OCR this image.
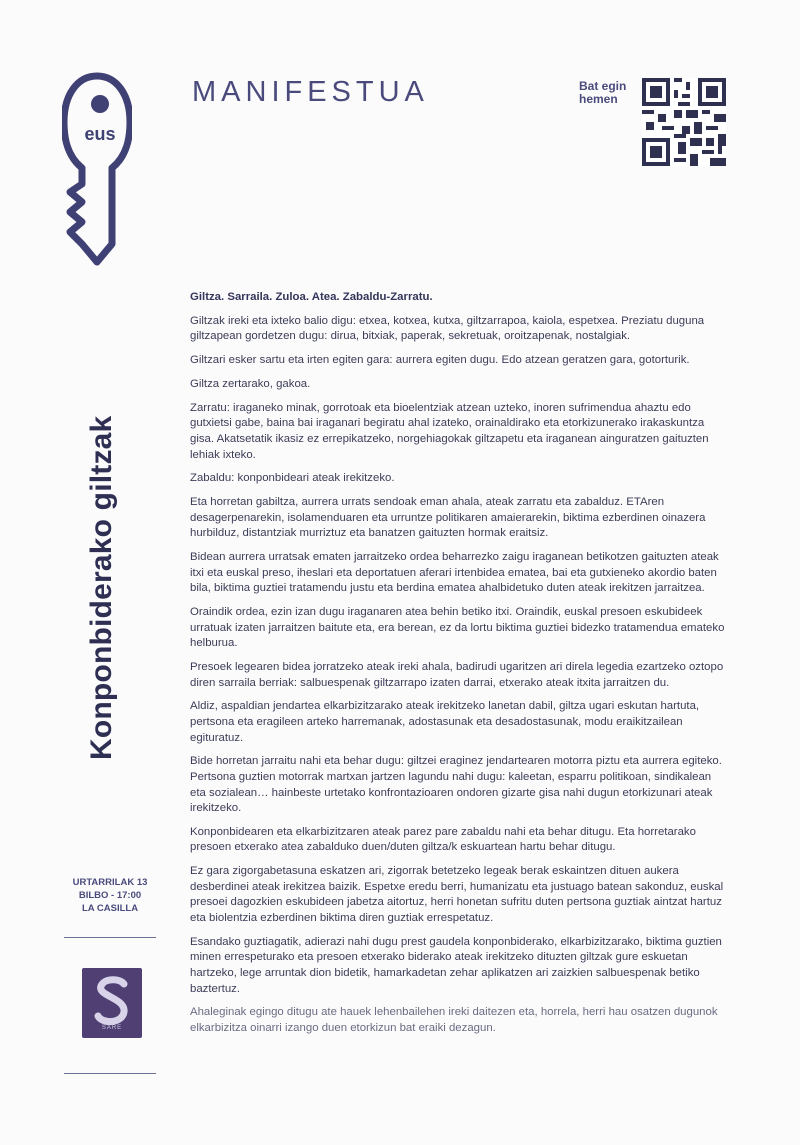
eus
MANIFESTUA	Bat egin
hemen
Konponbiderako giltzak
URTARRILAK 13
BILBO - 17:00
LA CASILLA
SARE

Giltza. Sarraila. Zuloa. Atea. Zabaldu-Zarratu.

Giltzak ireki eta ixteko balio digu: etxea, kotxea, kutxa, giltzarrapoa, kaiola, espetxea. Preziatu duguna giltzapean gordetzen dugu: dirua, bitxiak, paperak, sekretuak, oroitzapenak, nostalgiak.

Giltzari esker sartu eta irten egiten gara: aurrera egiten dugu. Edo atzean geratzen gara, gotorturik.

Giltza zertarako, gakoa.

Zarratu: iraganeko minak, gorrotoak eta bioelentziak atzean uzteko, inoren sufrimendua ahaztu edo gutxietsi gabe, baina bai iraganari begiratu ahal izateko, orainaldirako eta etorkizunerako irakaskuntza gisa. Akatsetatik ikasiz ez errepikatzeko, norgehiagokak giltzapetu eta iraganean ainguratzen gaituzten lehiak ixteko.

Zabaldu: konponbideari ateak irekitzeko.

Eta horretan gabiltza, aurrera urrats sendoak eman ahala, ateak zarratu eta zabalduz. ETAren desagerpenarekin, isolamenduaren eta urruntze politikaren amaierarekin, biktima ezberdinen oinazera hurbilduz, distantziak murriztuz eta banatzen gaituzten hormak eraitsiz.

Bidean aurrera urratsak ematen jarraitzeko ordea beharrezko zaigu iraganean betikotzen gaituzten ateak itxi eta euskal preso, iheslari eta deportatuen aferari irtenbidea ematea, bai eta gutxieneko akordio baten bila, biktima guztiei tratamendu justu eta berdina ematea ahalbidetuko duten ateak irekitzen jarraitzea.

Oraindik ordea, ezin izan dugu iraganaren atea behin betiko itxi. Oraindik, euskal presoen eskubideek urratuak izaten jarraitzen baitute eta, era berean, ez da lortu biktima guztiei bidezko tratamendua emateko helburua.

Presoek legearen bidea jorratzeko ateak ireki ahala, badirudi ugaritzen ari direla legedia ezartzeko oztopo diren sarraila berriak: salbuespenak giltzarrapo izaten darrai, etxerako ateak itxita jarraitzen du.

Aldiz, aspaldian jendartea elkarbizitzarako ateak irekitzeko lanetan dabil, giltza ugari eskutan hartuta, pertsona eta eragileen arteko harremanak, adostasunak eta desadostasunak, modu eraikitzailean egituratuz.

Bide horretan jarraitu nahi eta behar dugu: giltzei eraginez jendartearen motorra piztu eta aurrera egiteko. Pertsona guztien motorrak martxan jartzen lagundu nahi dugu: kaleetan, esparru politikoan, sindikalean eta sozialean… hainbeste urtetako konfrontazioaren ondoren gizarte gisa nahi dugun etorkizunari ateak irekitzeko.

Konponbidearen eta elkarbizitzaren ateak parez pare zabaldu nahi eta behar ditugu. Eta horretarako presoen etxerako atea zabalduko duen/duten giltza/k eskuartean hartu behar ditugu.

Ez gara zigorgabetasuna eskatzen ari, zigorrak betetzeko legeak berak eskaintzen dituen aukera desberdinei ateak irekitzea baizik. Espetxe eredu berri, humanizatu eta justuago batean sakonduz, euskal presoei dagozkien eskubideen jabetza aitortuz, herri honetan sufritu duten pertsona guztiak aintzat hartuz eta biolentzia ezberdinen biktima diren guztiak errespetatuz.

Esandako guztiagatik, adierazi nahi dugu prest gaudela konponbiderako, elkarbizitzarako, biktima guztien minen errespeturako eta presoen etxerako biderako ateak irekitzeko dituzten giltzak gure eskuetan hartzeko, lege arruntak dion bidetik, hamarkadetan zehar aplikatzen ari zaizkien salbuespenak betiko baztertuz.

Ahaleginak egingo ditugu ate hauek lehenbailehen ireki daitezen eta, horrela, herri hau osatzen dugunok elkarbizitza oinarri izango duen etorkizun bat eraiki dezagun.
